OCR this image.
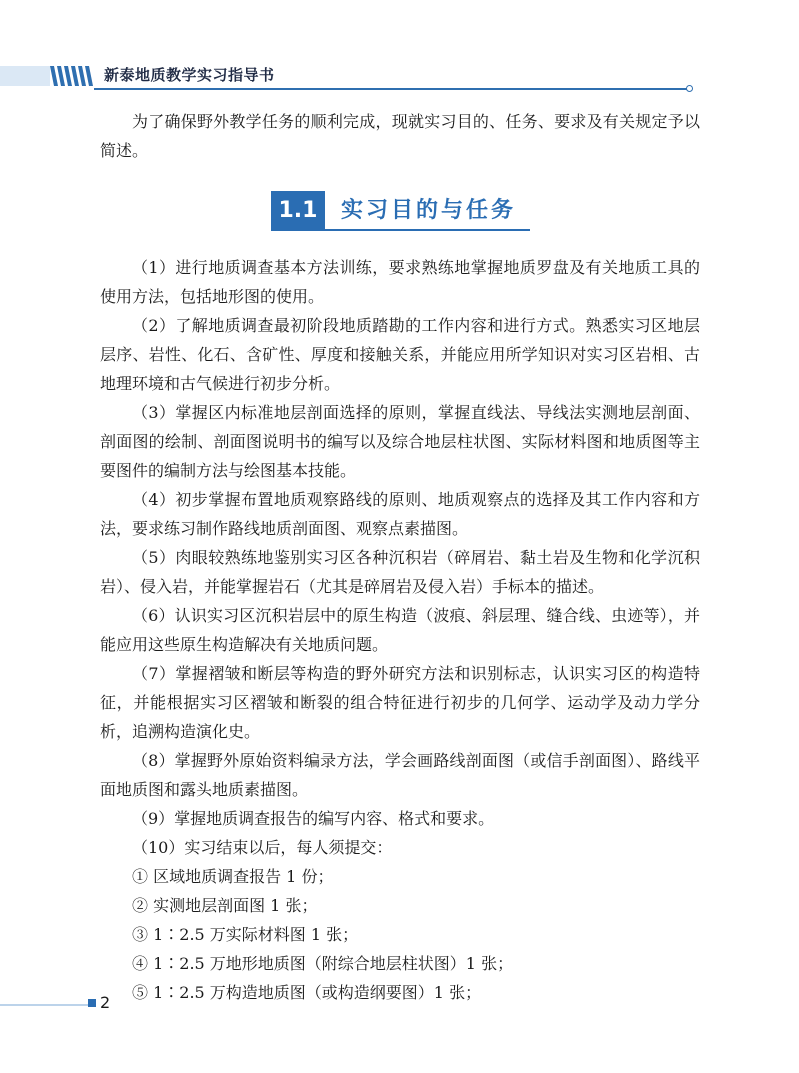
新泰地质教学实习指导书

为了确保野外教学任务的顺利完成，现就实习目的、任务、要求及有关规定予以简述。

1.1	实习目的与任务

（1）进行地质调查基本方法训练，要求熟练地掌握地质罗盘及有关地质工具的使用方法，包括地形图的使用。

（2）了解地质调查最初阶段地质踏勘的工作内容和进行方式。熟悉实习区地层层序、岩性、化石、含矿性、厚度和接触关系，并能应用所学知识对实习区岩相、古地理环境和古气候进行初步分析。

（3）掌握区内标准地层剖面选择的原则，掌握直线法、导线法实测地层剖面、剖面图的绘制、剖面图说明书的编写以及综合地层柱状图、实际材料图和地质图等主要图件的编制方法与绘图基本技能。

（4）初步掌握布置地质观察路线的原则、地质观察点的选择及其工作内容和方法，要求练习制作路线地质剖面图、观察点素描图。

（5）肉眼较熟练地鉴别实习区各种沉积岩（碎屑岩、黏土岩及生物和化学沉积岩）、侵入岩，并能掌握岩石（尤其是碎屑岩及侵入岩）手标本的描述。

（6）认识实习区沉积岩层中的原生构造（波痕、斜层理、缝合线、虫迹等），并能应用这些原生构造解决有关地质问题。

（7）掌握褶皱和断层等构造的野外研究方法和识别标志，认识实习区的构造特征，并能根据实习区褶皱和断裂的组合特征进行初步的几何学、运动学及动力学分析，追溯构造演化史。

（8）掌握野外原始资料编录方法，学会画路线剖面图（或信手剖面图）、路线平面地质图和露头地质素描图。

（9）掌握地质调查报告的编写内容、格式和要求。

（10）实习结束以后，每人须提交：

① 区域地质调查报告 1 份；

② 实测地层剖面图 1 张；

③ 1∶2.5 万实际材料图 1 张；

④ 1∶2.5 万地形地质图（附综合地层柱状图）1 张；

⑤ 1∶2.5 万构造地质图（或构造纲要图）1 张；

2
